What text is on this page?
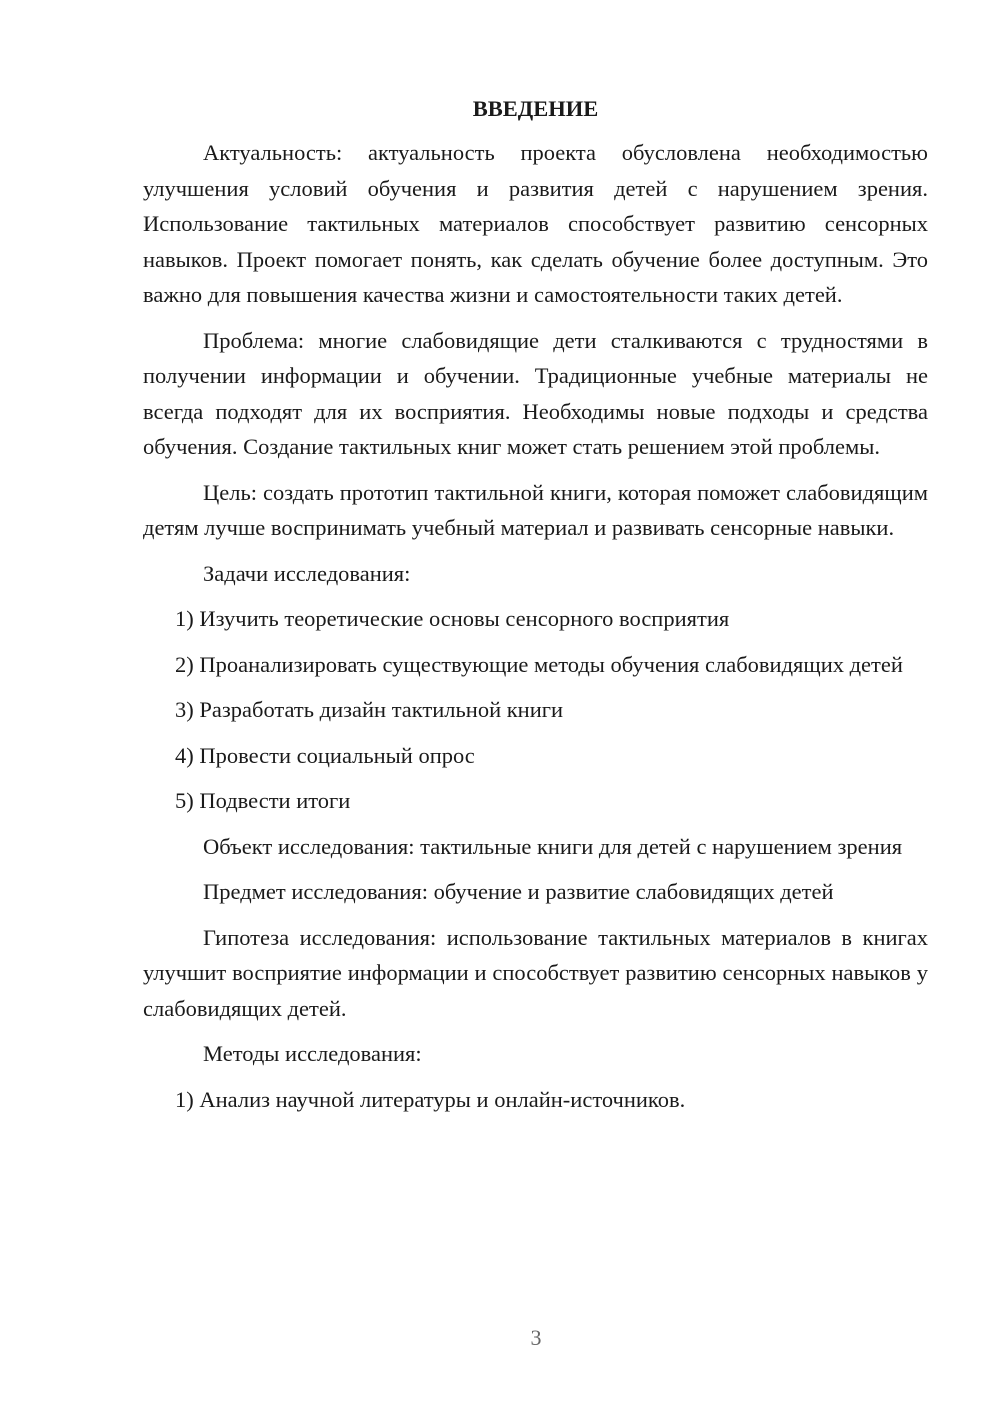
ВВЕДЕНИЕ
Актуальность: актуальность проекта обусловлена необходимостью улучшения условий обучения и развития детей с нарушением зрения. Использование тактильных материалов способствует развитию сенсорных навыков. Проект помогает понять, как сделать обучение более доступным. Это важно для повышения качества жизни и самостоятельности таких детей.
Проблема: многие слабовидящие дети сталкиваются с трудностями в получении информации и обучении. Традиционные учебные материалы не всегда подходят для их восприятия. Необходимы новые подходы и средства обучения. Создание тактильных книг может стать решением этой проблемы.
Цель: создать прототип тактильной книги, которая поможет слабовидящим детям лучше воспринимать учебный материал и развивать сенсорные навыки.
Задачи исследования:
1) Изучить теоретические основы сенсорного восприятия
2) Проанализировать существующие методы обучения слабовидящих детей
3) Разработать дизайн тактильной книги
4) Провести социальный опрос
5) Подвести итоги
Объект исследования: тактильные книги для детей с нарушением зрения
Предмет исследования: обучение и развитие слабовидящих детей
Гипотеза исследования: использование тактильных материалов в книгах улучшит восприятие информации и способствует развитию сенсорных навыков у слабовидящих детей.
Методы исследования:
1) Анализ научной литературы и онлайн-источников.
3
